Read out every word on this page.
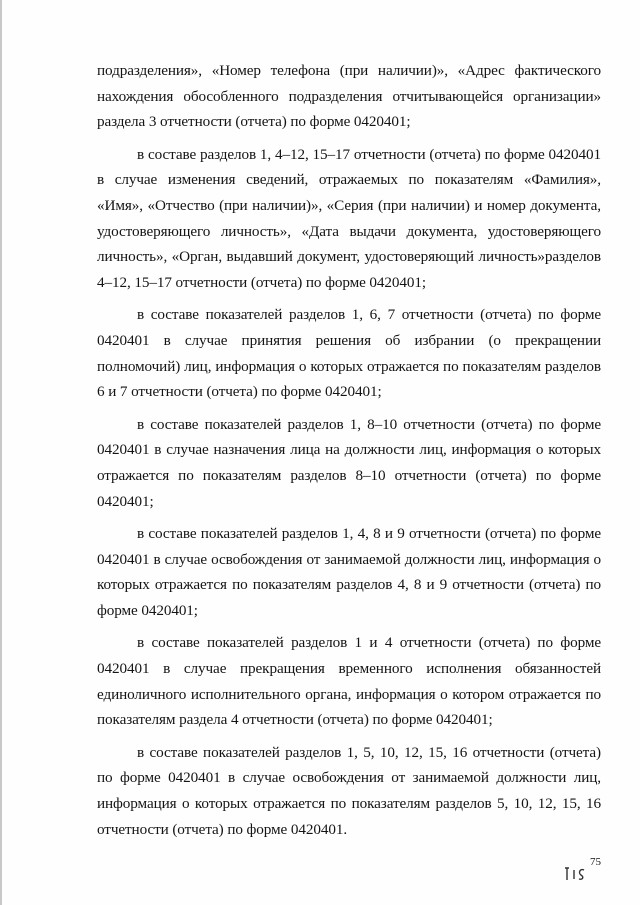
подразделения», «Номер телефона (при наличии)», «Адрес фактического нахождения обособленного подразделения отчитывающейся организации» раздела 3 отчетности (отчета) по форме 0420401;

в составе разделов 1, 4–12, 15–17 отчетности (отчета) по форме 0420401 в случае изменения сведений, отражаемых по показателям «Фамилия», «Имя», «Отчество (при наличии)», «Серия (при наличии) и номер документа, удостоверяющего личность», «Дата выдачи документа, удостоверяющего личность», «Орган, выдавший документ, удостоверяющий личность»разделов 4–12, 15–17 отчетности (отчета) по форме 0420401;

в составе показателей разделов 1, 6, 7 отчетности (отчета) по форме 0420401 в случае принятия решения об избрании (о прекращении полномочий) лиц, информация о которых отражается по показателям разделов 6 и 7 отчетности (отчета) по форме 0420401;

в составе показателей разделов 1, 8–10 отчетности (отчета) по форме 0420401 в случае назначения лица на должности лиц, информация о которых отражается по показателям разделов 8–10 отчетности (отчета) по форме 0420401;

в составе показателей разделов 1, 4, 8 и 9 отчетности (отчета) по форме 0420401 в случае освобождения от занимаемой должности лиц, информация о которых отражается по показателям разделов 4, 8 и 9 отчетности (отчета) по форме 0420401;

в составе показателей разделов 1 и 4 отчетности (отчета) по форме 0420401 в случае прекращения временного исполнения обязанностей единоличного исполнительного органа, информация о котором отражается по показателям раздела 4 отчетности (отчета) по форме 0420401;

в составе показателей разделов 1, 5, 10, 12, 15, 16 отчетности (отчета) по форме 0420401 в случае освобождения от занимаемой должности лиц, информация о которых отражается по показателям разделов 5, 10, 12, 15, 16 отчетности (отчета) по форме 0420401.

75
